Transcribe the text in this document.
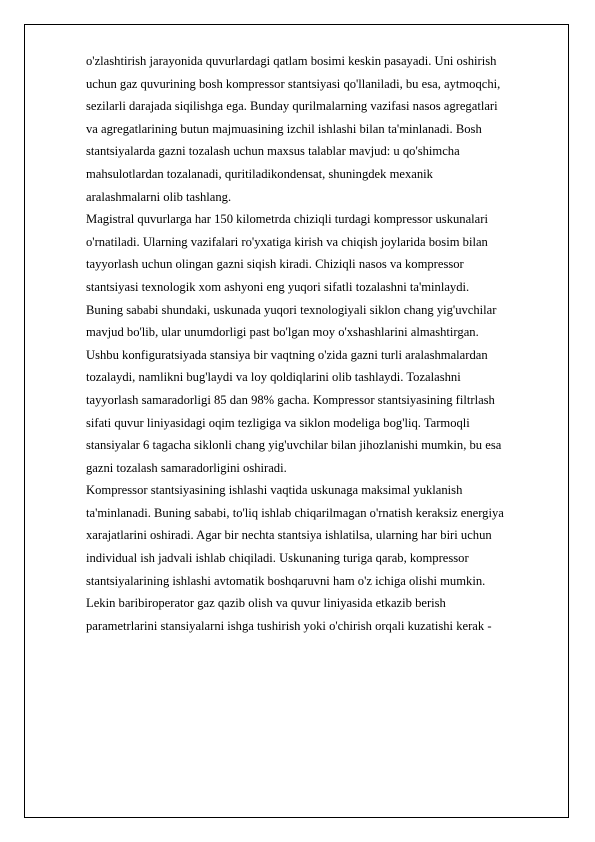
o'zlashtirish jarayonida quvurlardagi qatlam bosimi keskin pasayadi. Uni oshirish
uchun gaz quvurining bosh kompressor stantsiyasi qo'llaniladi, bu esa, aytmoqchi,
sezilarli darajada siqilishga ega. Bunday qurilmalarning vazifasi nasos agregatlari
va agregatlarining butun majmuasining izchil ishlashi bilan ta'minlanadi. Bosh
stantsiyalarda gazni tozalash uchun maxsus talablar mavjud: u qo'shimcha
mahsulotlardan tozalanadi, quritiladikondensat, shuningdek mexanik
aralashmalarni olib tashlang.
Magistral quvurlarga har 150 kilometrda chiziqli turdagi kompressor uskunalari
o'rnatiladi. Ularning vazifalari ro'yxatiga kirish va chiqish joylarida bosim bilan
tayyorlash uchun olingan gazni siqish kiradi. Chiziqli nasos va kompressor
stantsiyasi texnologik xom ashyoni eng yuqori sifatli tozalashni ta'minlaydi.
Buning sababi shundaki, uskunada yuqori texnologiyali siklon chang yig'uvchilar
mavjud bo'lib, ular unumdorligi past bo'lgan moy o'xshashlarini almashtirgan.
Ushbu konfiguratsiyada stansiya bir vaqtning o'zida gazni turli aralashmalardan
tozalaydi, namlikni bug'laydi va loy qoldiqlarini olib tashlaydi. Tozalashni
tayyorlash samaradorligi 85 dan 98% gacha. Kompressor stantsiyasining filtrlash
sifati quvur liniyasidagi oqim tezligiga va siklon modeliga bog'liq. Tarmoqli
stansiyalar 6 tagacha siklonli chang yig'uvchilar bilan jihozlanishi mumkin, bu esa
gazni tozalash samaradorligini oshiradi.
Kompressor stantsiyasining ishlashi vaqtida uskunaga maksimal yuklanish
ta'minlanadi. Buning sababi, to'liq ishlab chiqarilmagan o'rnatish keraksiz energiya
xarajatlarini oshiradi. Agar bir nechta stantsiya ishlatilsa, ularning har biri uchun
individual ish jadvali ishlab chiqiladi. Uskunaning turiga qarab, kompressor
stantsiyalarining ishlashi avtomatik boshqaruvni ham o'z ichiga olishi mumkin.
Lekin baribiroperator gaz qazib olish va quvur liniyasida etkazib berish
parametrlarini stansiyalarni ishga tushirish yoki o'chirish orqali kuzatishi kerak -
